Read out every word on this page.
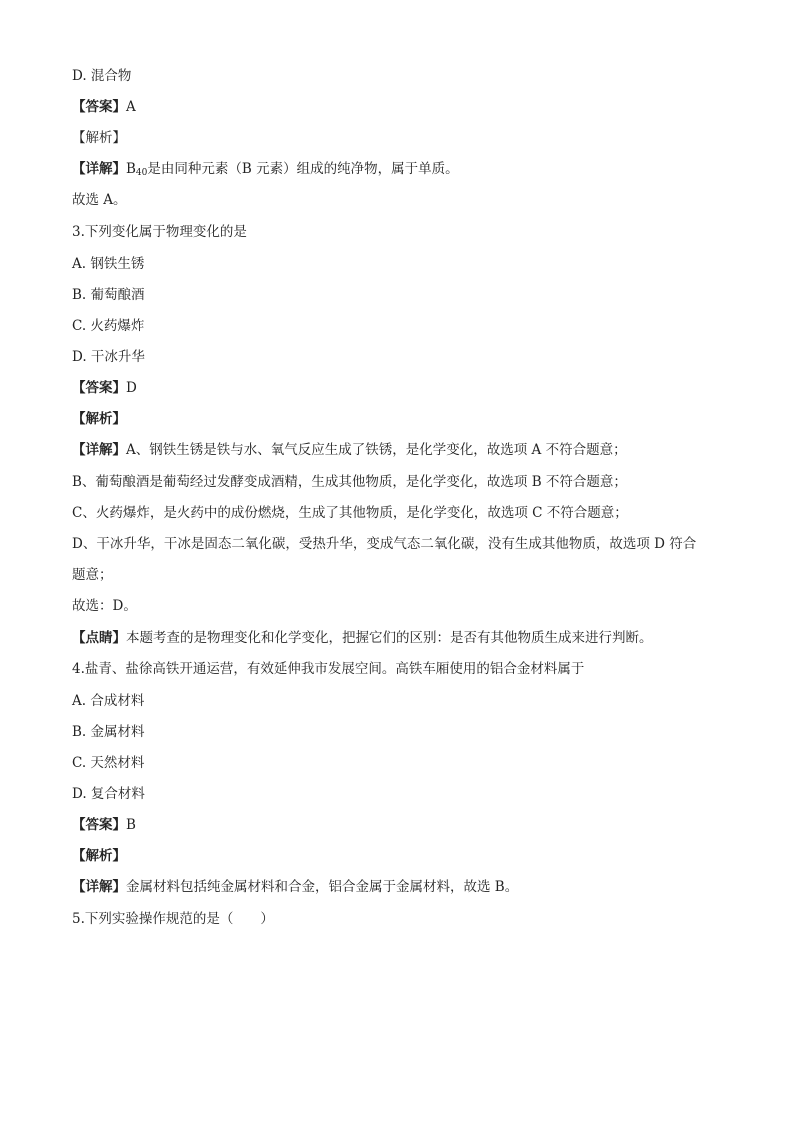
D. 混合物
【答案】A
【解析】
【详解】$B_{40}$是由同种元素（B 元素）组成的纯净物，属于单质。
故选 A。
3.下列变化属于物理变化的是
A. 钢铁生锈
B. 葡萄酿酒
C. 火药爆炸
D. 干冰升华
【答案】D
【解析】
【详解】A、钢铁生锈是铁与水、氧气反应生成了铁锈，是化学变化，故选项 A 不符合题意；
B、葡萄酿酒是葡萄经过发酵变成酒精，生成其他物质，是化学变化，故选项 B 不符合题意；
C、火药爆炸，是火药中的成份燃烧，生成了其他物质，是化学变化，故选项 C 不符合题意；
D、干冰升华，干冰是固态二氧化碳，受热升华，变成气态二氧化碳，没有生成其他物质，故选项 D 符合
题意；
故选：D。
【点睛】本题考查的是物理变化和化学变化，把握它们的区别：是否有其他物质生成来进行判断。
4.盐青、盐徐高铁开通运营，有效延伸我市发展空间。高铁车厢使用的铝合金材料属于
A. 合成材料
B. 金属材料
C. 天然材料
D. 复合材料
【答案】B
【解析】
【详解】金属材料包括纯金属材料和合金，铝合金属于金属材料，故选 B。
5.下列实验操作规范的是（　　）
